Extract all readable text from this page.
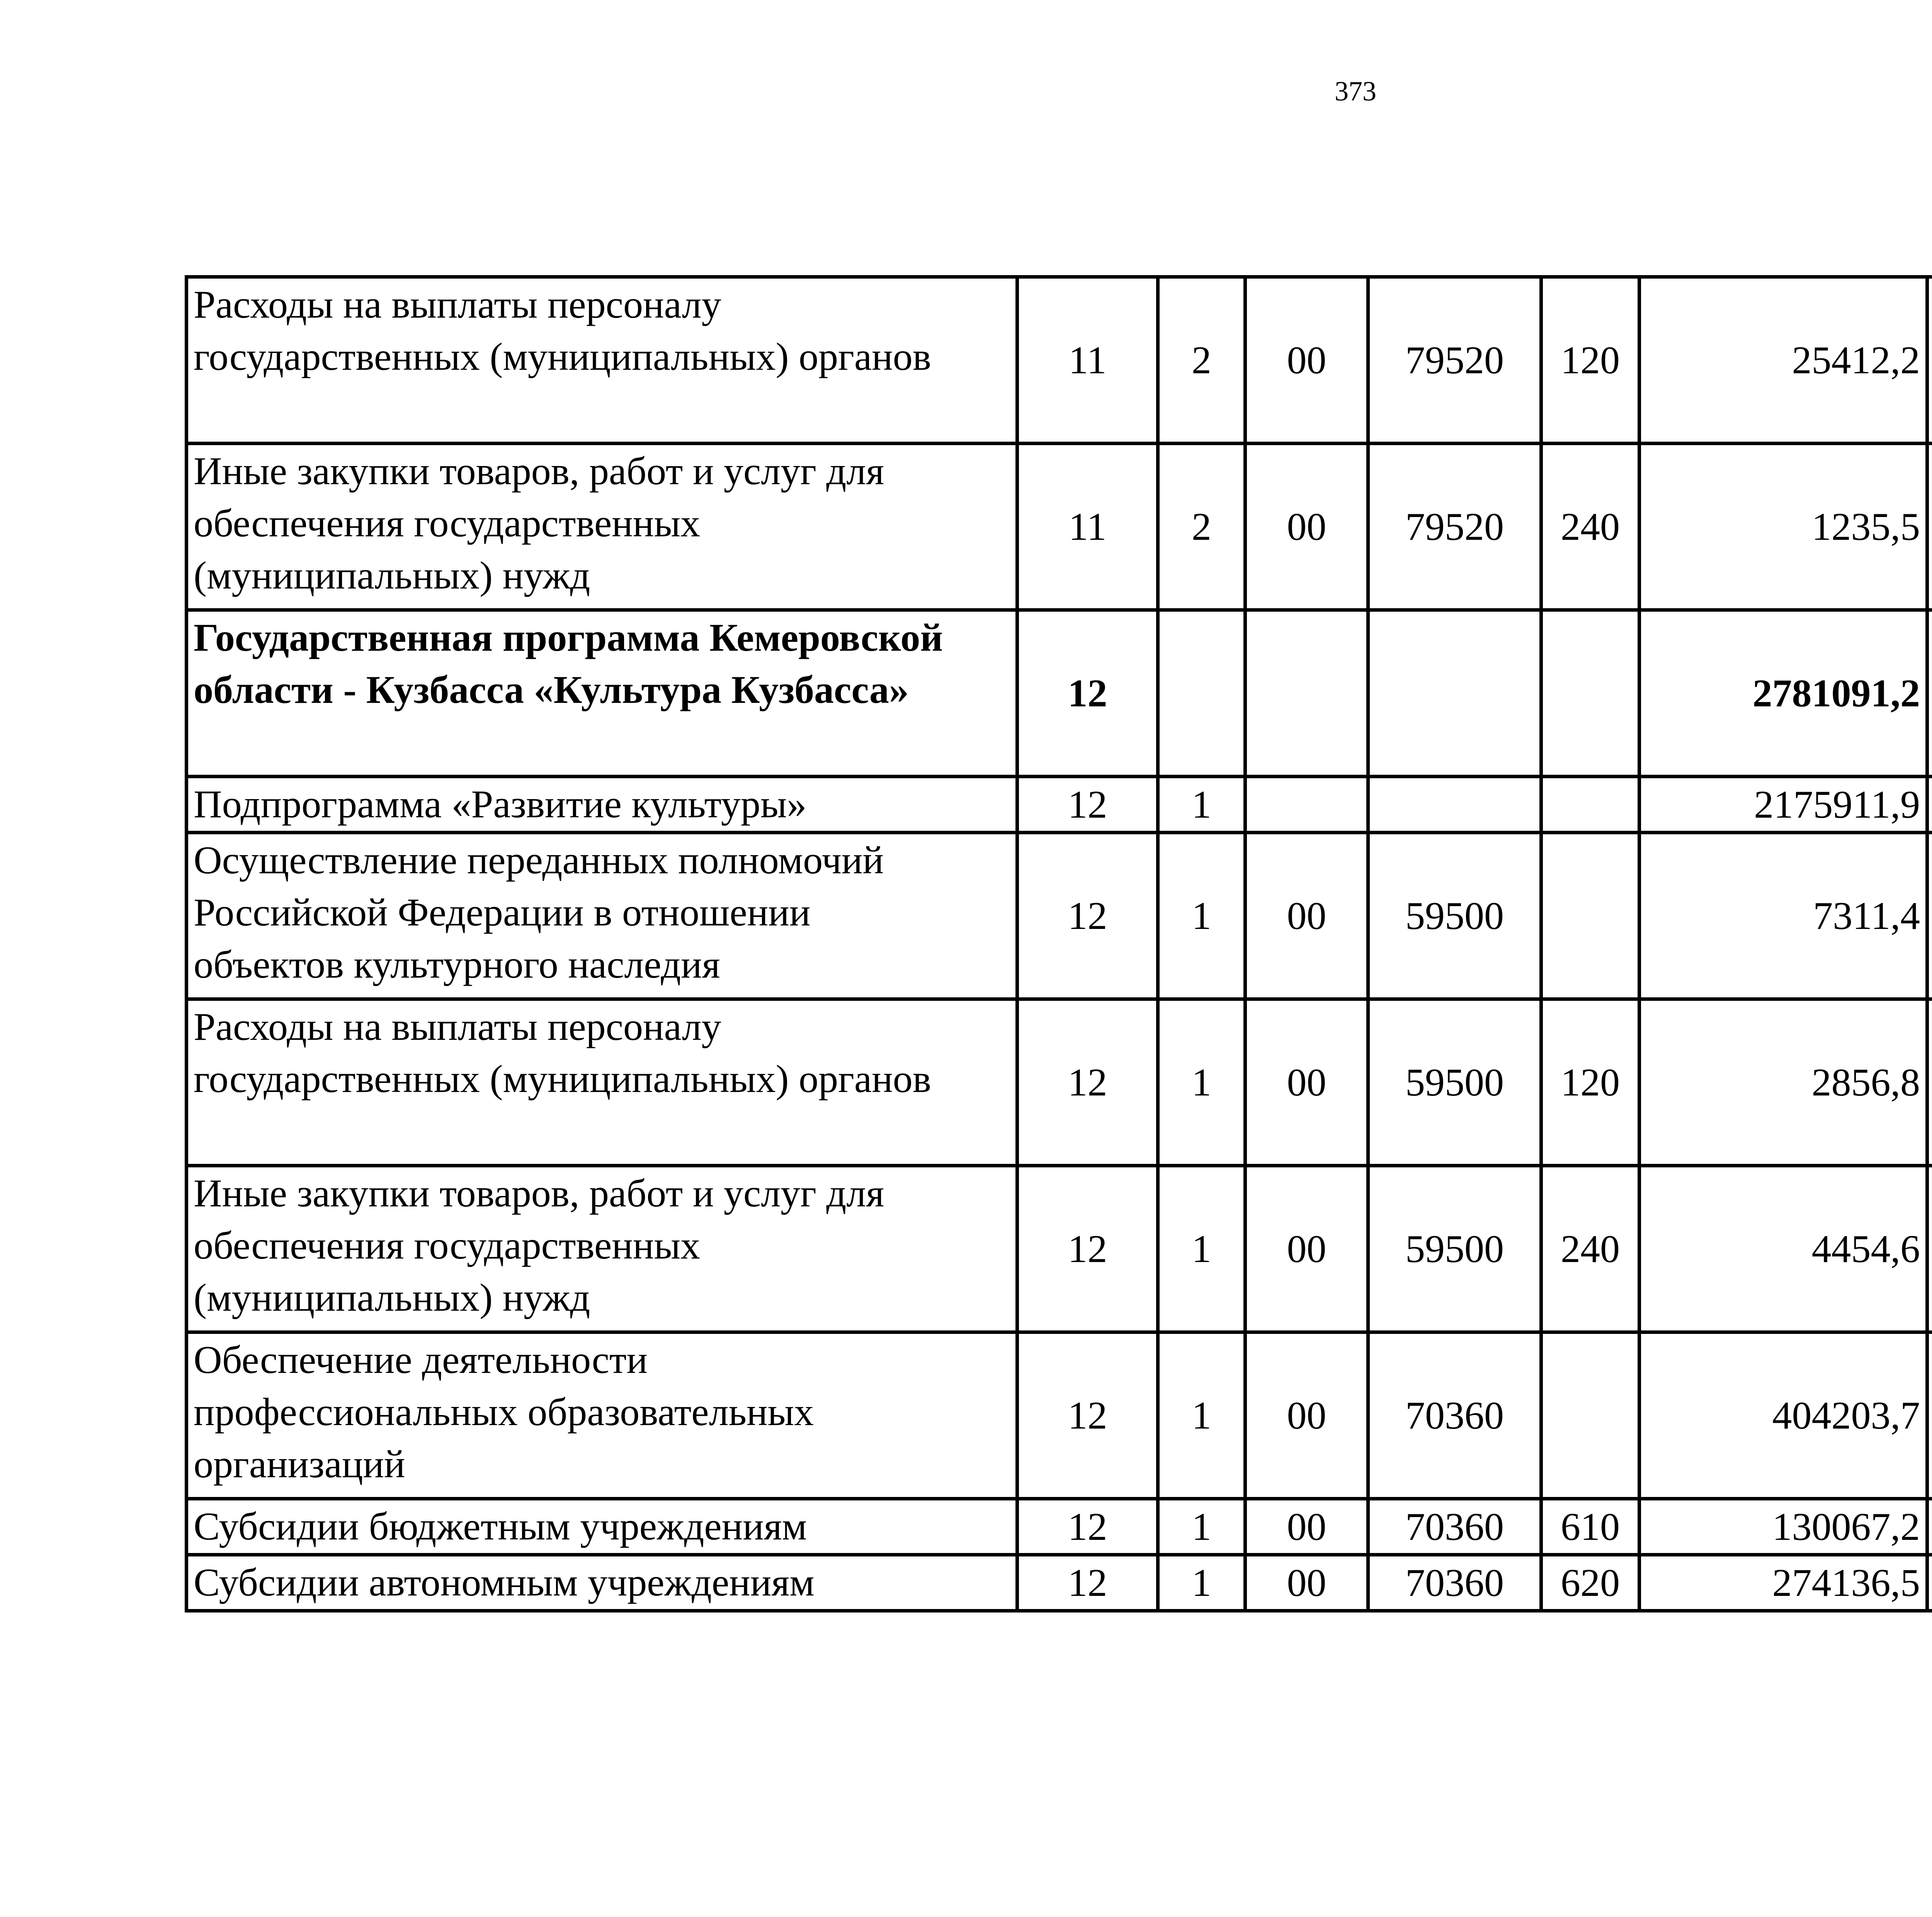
373
Расходы на выплаты персоналу
государственных (муниципальных) органов	11	2	00	79520	120	25412,2		

Иные закупки товаров, работ и услуг для
обеспечения государственных
(муниципальных) нужд	11	2	00	79520	240	1235,5		

Государственная программа Кемеровской
области - Кузбасса «Культура Кузбасса»	12					2781091,2		

Подпрограмма «Развитие культуры»	12	1				2175911,9		

Осуществление переданных полномочий
Российской Федерации в отношении
объектов культурного наследия	12	1	00	59500		7311,4		

Расходы на выплаты персоналу
государственных (муниципальных) органов	12	1	00	59500	120	2856,8		

Иные закупки товаров, работ и услуг для
обеспечения государственных
(муниципальных) нужд	12	1	00	59500	240	4454,6		

Обеспечение деятельности
профессиональных образовательных
организаций	12	1	00	70360		404203,7		

Субсидии бюджетным учреждениям	12	1	00	70360	610	130067,2		

Субсидии автономным учреждениям	12	1	00	70360	620	274136,5		
